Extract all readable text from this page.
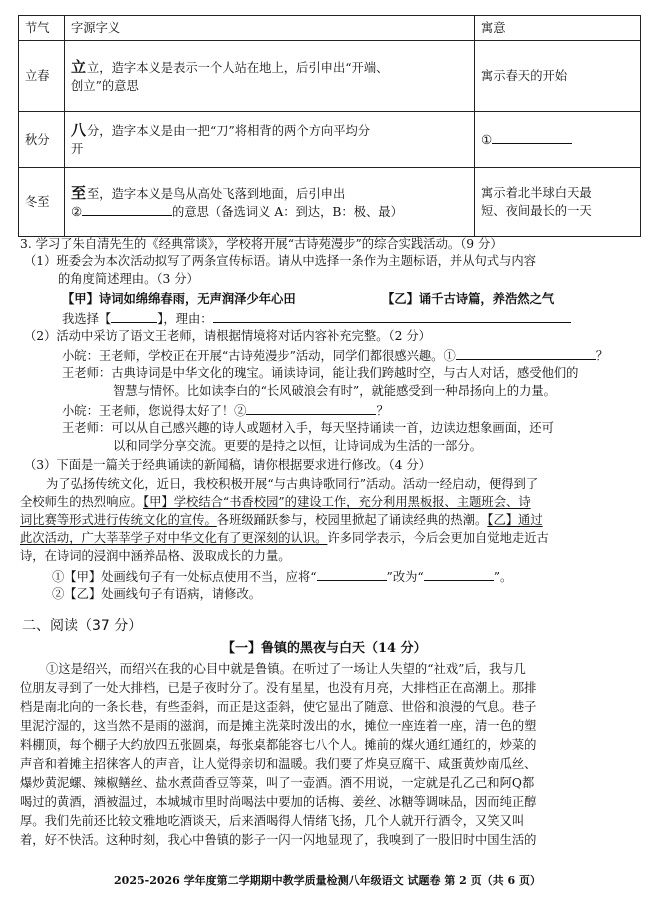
节气	字源字义	寓意
立春	⽴立，造字本义是表示一个人站在地上，后引申出“开端、
创立”的意思	寓示春天的开始
秋分	八分，造字本义是由一把“刀”将相背的两个方向平均分
开	①
冬至	至至，造字本义是鸟从高处飞落到地面，后引申出
② 的意思（备选词义 A：到达，B：极、最）	寓示着北半球白天最
短、夜间最长的一天
3. 学习了朱自清先生的《经典常谈》，学校将开展“古诗苑漫步”的综合实践活动。（9 分）
（1）班委会为本次活动拟写了两条宣传标语。请从中选择一条作为主题标语，并从句式与内容
的角度简述理由。（3 分）
【甲】诗词如绵绵春雨，无声润泽少年心田	【乙】诵千古诗篇，养浩然之气
我选择【	】，理由：
（2）活动中采访了语文王老师，请根据情境将对话内容补充完整。（2 分）
小皖：王老师，学校正在开展“古诗苑漫步”活动，同学们都很感兴趣。①	？
王老师：古典诗词是中华文化的瑰宝。诵读诗词，能让我们跨越时空，与古人对话，感受他们的
智慧与情怀。比如读李白的“长风破浪会有时”，就能感受到一种昂扬向上的力量。
小皖：王老师，您说得太好了！②	？
王老师：可以从自己感兴趣的诗人或题材入手，每天坚持诵读一首，边读边想象画面，还可
以和同学分享交流。更要的是持之以恒，让诗词成为生活的一部分。
（3）下面是一篇关于经典诵读的新闻稿，请你根据要求进行修改。（4 分）
为了弘扬传统文化，近日，我校积极开展“与古典诗歌同行”活动。活动一经启动，便得到了
全校师生的热烈响应。【甲】学校结合“书香校园”的建设工作，充分利用黑板报、主题班会、诗
词比赛等形式进行传统文化的宣传。各班级踊跃参与，校园里掀起了诵读经典的热潮。【乙】通过
此次活动，广大莘莘学子对中华文化有了更深刻的认识。许多同学表示，今后会更加自觉地走近古
诗，在诗词的浸润中涵养品格、汲取成长的力量。
①【甲】处画线句子有一处标点使用不当，应将“	”改为“	”。
②【乙】处画线句子有语病，请修改。
二、阅读（37 分）
【一】鲁镇的黑夜与白天（14 分）
①这是绍兴，而绍兴在我的心目中就是鲁镇。在听过了一场让人失望的“社戏”后，我与几
位朋友寻到了一处大排档，已是子夜时分了。没有星星，也没有月亮，大排档正在高潮上。那排
档是南北向的一条长巷，有些歪斜，而正是这歪斜，使它显出了随意、世俗和浪漫的气息。巷子
里泥泞湿的，这当然不是雨的滋润，而是摊主洗菜时泼出的水，摊位一座连着一座，清一色的塑
料棚顶，每个棚子大约放四五张圆桌，每张桌都能容七八个人。摊前的煤火通红通红的，炒菜的
声音和着摊主招徕客人的声音，让人觉得亲切和温暖。我们要了炸臭豆腐干、咸蛋黄炒南瓜丝、
爆炒黄泥螺、辣椒鳝丝、盐水煮茴香豆等菜，叫了一壶酒。酒不用说，一定就是孔乙己和阿Q都
喝过的黄酒，酒被温过，本城城市里时尚喝法中要加的话梅、姜丝、冰糖等调味品，因而纯正醇
厚。我们先前还比较文雅地吃酒谈天，后来酒喝得人情绪飞扬，几个人就开行酒令，又笑又叫
着，好不快活。这种时刻，我心中鲁镇的影子一闪一闪地显现了，我嗅到了一股旧时中国生活的
2025-2026 学年度第二学期期中教学质量检测八年级语文 试题卷 第 2 页（共 6 页）
